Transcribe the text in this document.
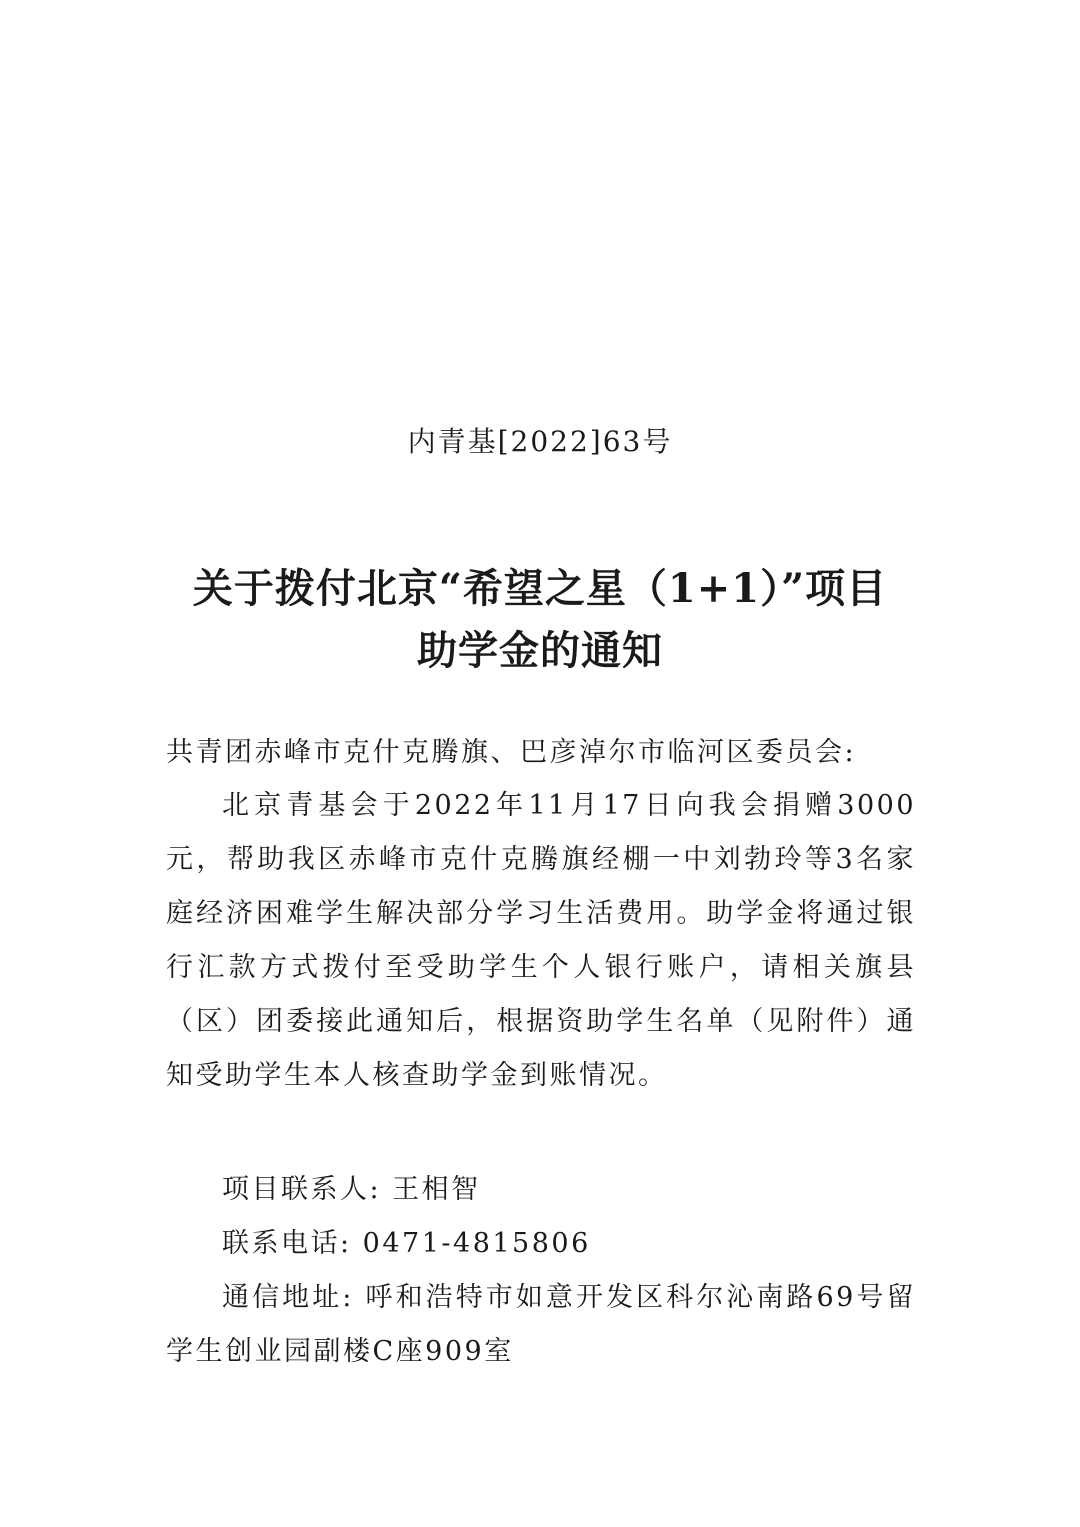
内青基[2022]63号
关于拨付北京“希望之星（1+1）”项目
助学金的通知

共青团赤峰市克什克腾旗、巴彦淖尔市临河区委员会:

北京青基会于2022年11月17日向我会捐赠3000元，帮助我区赤峰市克什克腾旗经棚一中刘勃玲等3名家庭经济困难学生解决部分学习生活费用。助学金将通过银行汇款方式拨付至受助学生个人银行账户，请相关旗县（区）团委接此通知后，根据资助学生名单（见附件）通知受助学生本人核查助学金到账情况。

项目联系人: 王相智

联系电话: 0471-4815806

通信地址: 呼和浩特市如意开发区科尔沁南路69号留学生创业园副楼C座909室
